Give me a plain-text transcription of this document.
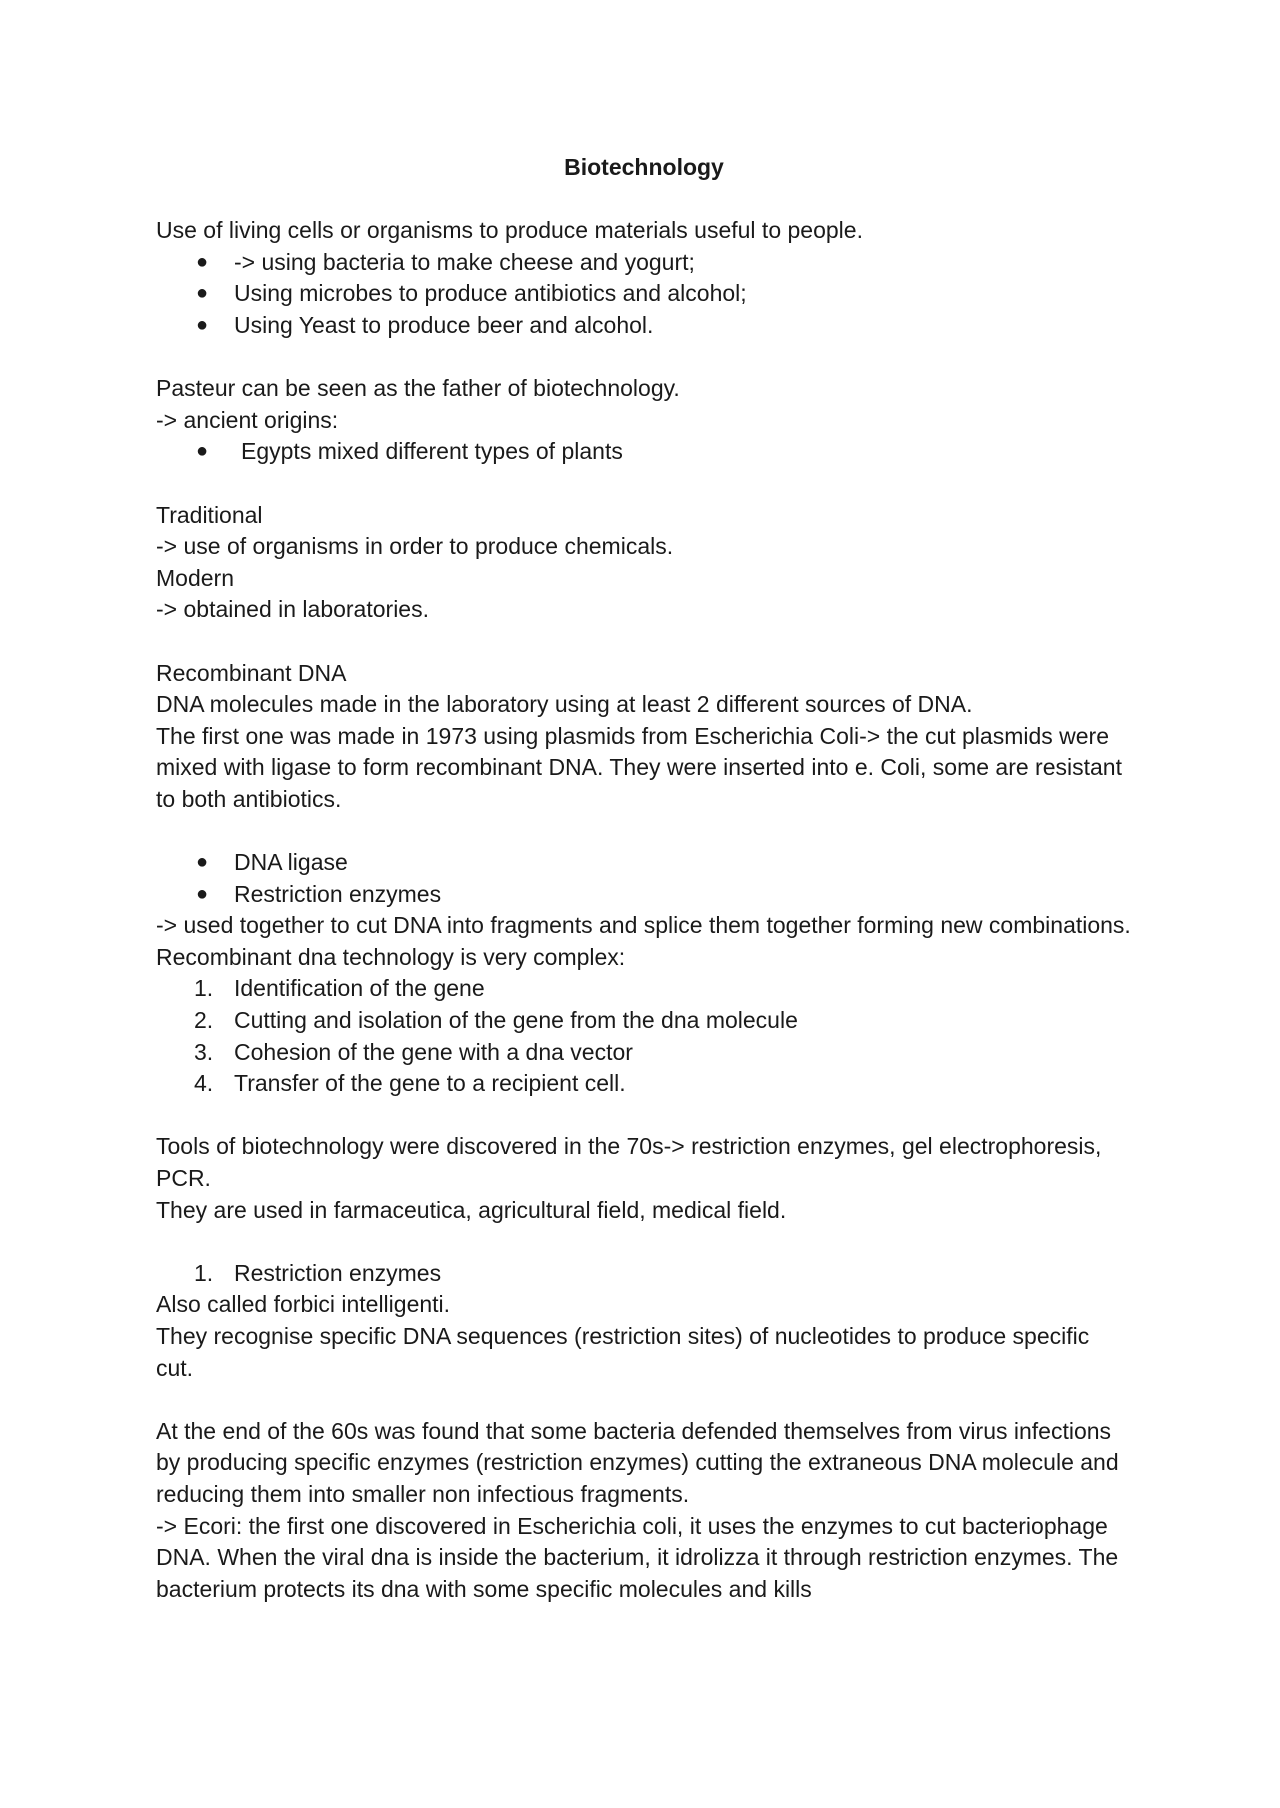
Biotechnology

Use of living cells or organisms to produce materials useful to people.

●	-> using bacteria to make cheese and yogurt;
●	Using microbes to produce antibiotics and alcohol;
●	Using Yeast to produce beer and alcohol.

Pasteur can be seen as the father of biotechnology.

-> ancient origins:

●	Egypts mixed different types of plants

Traditional

-> use of organisms in order to produce chemicals.

Modern

-> obtained in laboratories.

Recombinant DNA

DNA molecules made in the laboratory using at least 2 different sources of DNA.

The first one was made in 1973 using plasmids from Escherichia Coli-> the cut plasmids were mixed with ligase to form recombinant DNA. They were inserted into e. Coli, some are resistant to both antibiotics.

●	DNA ligase
●	Restriction enzymes

-> used together to cut DNA into fragments and splice them together forming new combinations.

Recombinant dna technology is very complex:

1. Identification of the gene
2. Cutting and isolation of the gene from the dna molecule
3. Cohesion of the gene with a dna vector
4. Transfer of the gene to a recipient cell.

Tools of biotechnology were discovered in the 70s-> restriction enzymes, gel electrophoresis, PCR.

They are used in farmaceutica, agricultural field, medical field.

1. Restriction enzymes

Also called forbici intelligenti.

They recognise specific DNA sequences (restriction sites) of nucleotides to produce specific cut.

At the end of the 60s was found that some bacteria defended themselves from virus infections by producing specific enzymes (restriction enzymes) cutting the extraneous DNA molecule and reducing them into smaller non infectious fragments.

-> Ecori: the first one discovered in Escherichia coli, it uses the enzymes to cut bacteriophage DNA. When the viral dna is inside the bacterium, it idrolizza it through restriction enzymes. The bacterium protects its dna with some specific molecules and kills
